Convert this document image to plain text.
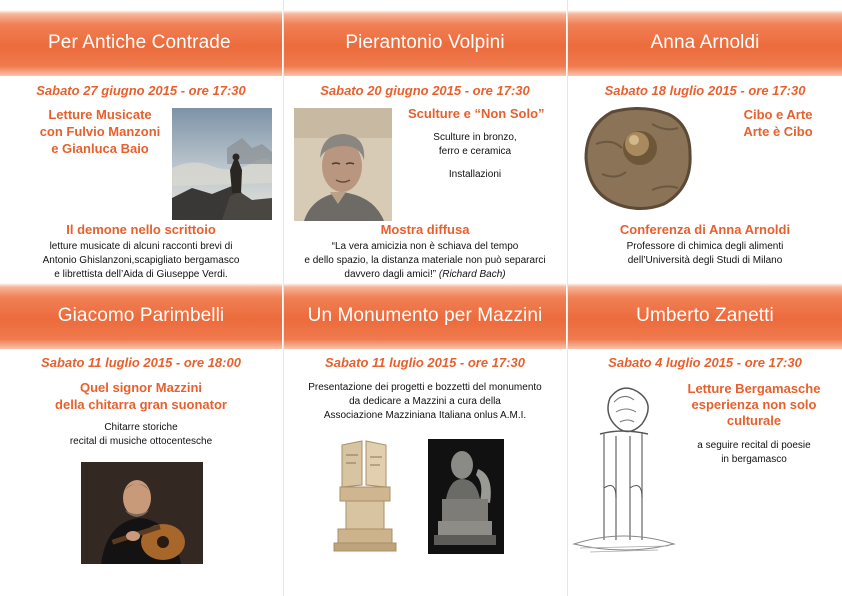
Per Antiche Contrade
Sabato 27 giugno 2015 - ore 17:30
Letture Musicate
con Fulvio Manzoni
e Gianluca Baio
Il demone nello scrittoio
letture musicate di alcuni racconti brevi di
Antonio Ghislanzoni,scapigliato bergamasco
e librettista dell’Aida di Giuseppe Verdi.
Pierantonio Volpini
Sabato 20 giugno 2015 - ore 17:30
Sculture e “Non Solo”
Sculture in bronzo,
ferro e ceramica
Installazioni
Mostra diffusa
“La vera amicizia non è schiava del tempo
e dello spazio, la distanza materiale non può separarci
davvero dagli amici!” (Richard Bach)
Anna Arnoldi
Sabato 18 luglio 2015 - ore 17:30
Cibo e Arte
Arte è Cibo
Conferenza di Anna Arnoldi
Professore di chimica degli alimenti
dell’Università degli Studi di Milano
Giacomo Parimbelli
Sabato 11 luglio 2015 - ore 18:00
Quel signor Mazzini
della chitarra gran suonator
Chitarre storiche
recital di musiche ottocentesche
Un Monumento per Mazzini
Sabato 11 luglio 2015 - ore 17:30
Presentazione dei progetti e bozzetti del monumento
da dedicare a Mazzini a cura della
Associazione Mazziniana Italiana onlus A.M.I.
Umberto Zanetti
Sabato 4 luglio 2015 - ore 17:30
Letture Bergamasche
esperienza non solo
culturale
a seguire recital di poesie
in bergamasco
